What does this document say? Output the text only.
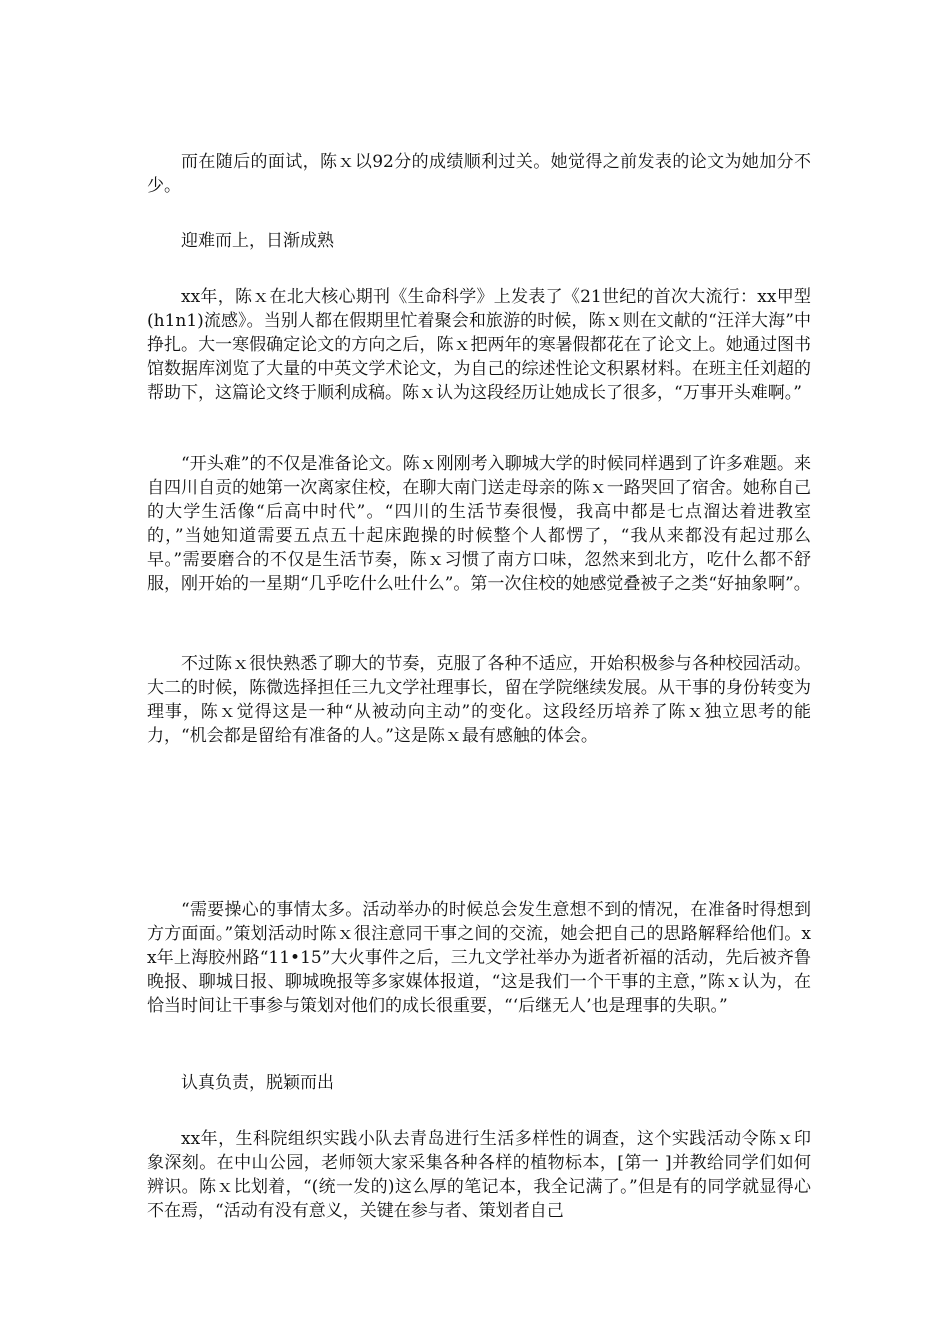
而在随后的面试，陈ｘ以92分的成绩顺利过关。她觉得之前发表的论文为她加分不少。

迎难而上，日渐成熟

xx年，陈ｘ在北大核心期刊《生命科学》上发表了《21世纪的首次大流行：xx甲型(h1n1)流感》。当别人都在假期里忙着聚会和旅游的时候，陈ｘ则在文献的“汪洋大海”中挣扎。大一寒假确定论文的方向之后，陈ｘ把两年的寒暑假都花在了论文上。她通过图书馆数据库浏览了大量的中英文学术论文，为自己的综述性论文积累材料。在班主任刘超的帮助下，这篇论文终于顺利成稿。陈ｘ认为这段经历让她成长了很多，“万事开头难啊。”

“开头难”的不仅是准备论文。陈ｘ刚刚考入聊城大学的时候同样遇到了许多难题。来自四川自贡的她第一次离家住校，在聊大南门送走母亲的陈ｘ一路哭回了宿舍。她称自己的大学生活像“后高中时代”。“四川的生活节奏很慢，我高中都是七点溜达着进教室的，”当她知道需要五点五十起床跑操的时候整个人都愣了，“我从来都没有起过那么早。”需要磨合的不仅是生活节奏，陈ｘ习惯了南方口味，忽然来到北方，吃什么都不舒服，刚开始的一星期“几乎吃什么吐什么”。第一次住校的她感觉叠被子之类“好抽象啊”。

不过陈ｘ很快熟悉了聊大的节奏，克服了各种不适应，开始积极参与各种校园活动。大二的时候，陈微选择担任三九文学社理事长，留在学院继续发展。从干事的身份转变为理事，陈ｘ觉得这是一种“从被动向主动”的变化。这段经历培养了陈ｘ独立思考的能力，“机会都是留给有准备的人。”这是陈ｘ最有感触的体会。

“需要操心的事情太多。活动举办的时候总会发生意想不到的情况，在准备时得想到方方面面。”策划活动时陈ｘ很注意同干事之间的交流，她会把自己的思路解释给他们。xx年上海胶州路“11•15”大火事件之后，三九文学社举办为逝者祈福的活动，先后被齐鲁晚报、聊城日报、聊城晚报等多家媒体报道，“这是我们一个干事的主意，”陈ｘ认为，在恰当时间让干事参与策划对他们的成长很重要，“‘后继无人’也是理事的失职。”

认真负责，脱颖而出

xx年，生科院组织实践小队去青岛进行生活多样性的调查，这个实践活动令陈ｘ印象深刻。在中山公园，老师领大家采集各种各样的植物标本，[第一 ]并教给同学们如何辨识。陈ｘ比划着，“(统一发的)这么厚的笔记本，我全记满了。”但是有的同学就显得心不在焉，“活动有没有意义，关键在参与者、策划者自己
